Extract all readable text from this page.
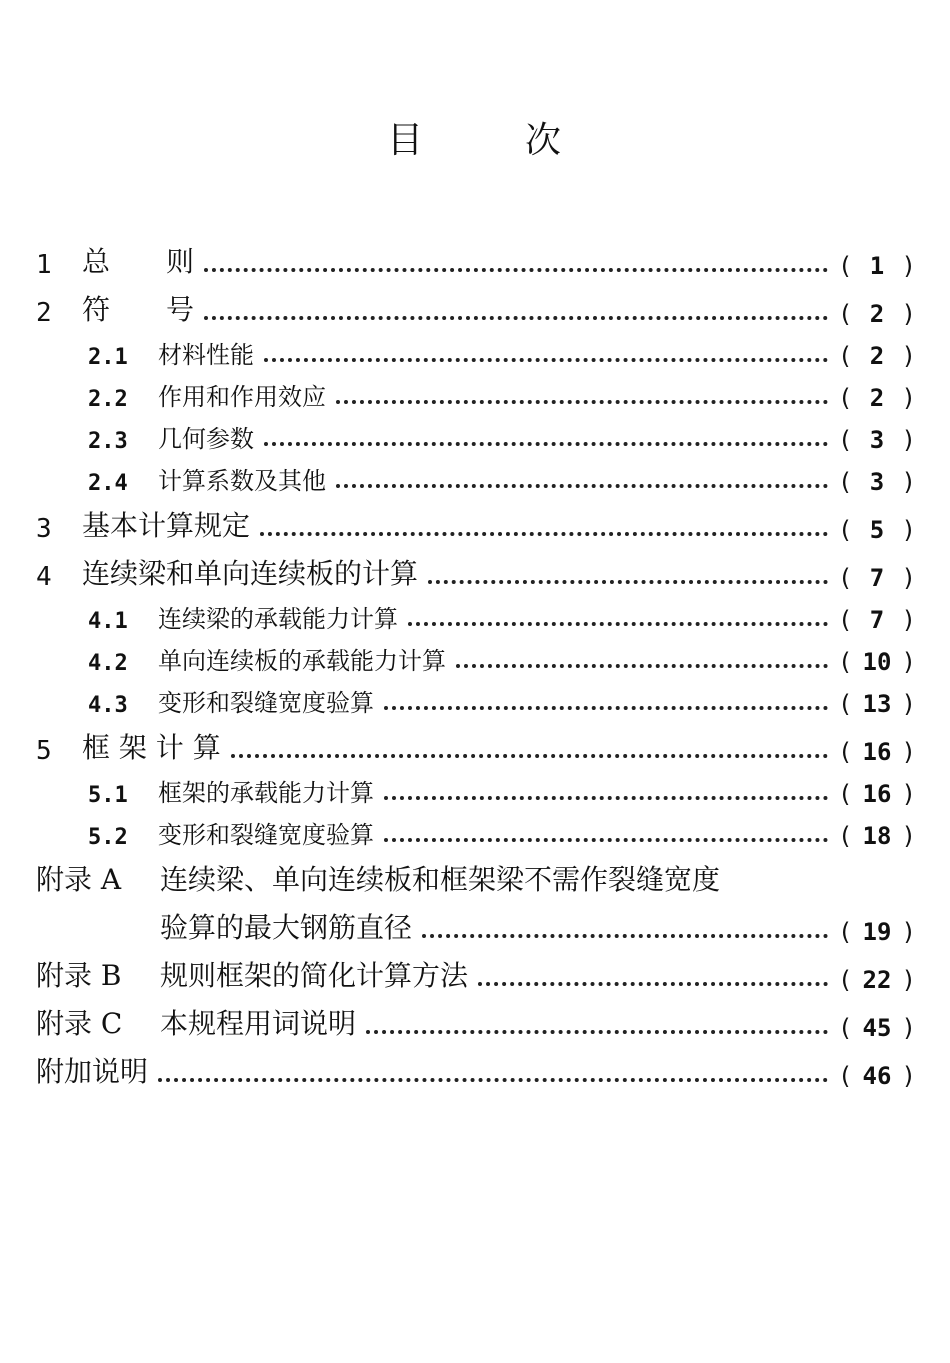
目	次
1	总　　则	( 1 )
2	符　　号	( 2 )
2.1	材料性能	( 2 )
2.2	作用和作用效应	( 2 )
2.3	几何参数	( 3 )
2.4	计算系数及其他	( 3 )
3	基本计算规定	( 5 )
4	连续梁和单向连续板的计算	( 7 )
4.1	连续梁的承载能力计算	( 7 )
4.2	单向连续板的承载能力计算	( 10 )
4.3	变形和裂缝宽度验算	( 13 )
5	框 架 计 算	( 16 )
5.1	框架的承载能力计算	( 16 )
5.2	变形和裂缝宽度验算	( 18 )
附录 A	连续梁、单向连续板和框架梁不需作裂缝宽度
验算的最大钢筋直径	( 19 )
附录 B	规则框架的简化计算方法	( 22 )
附录 C	本规程用词说明	( 45 )
附加说明	( 46 )
